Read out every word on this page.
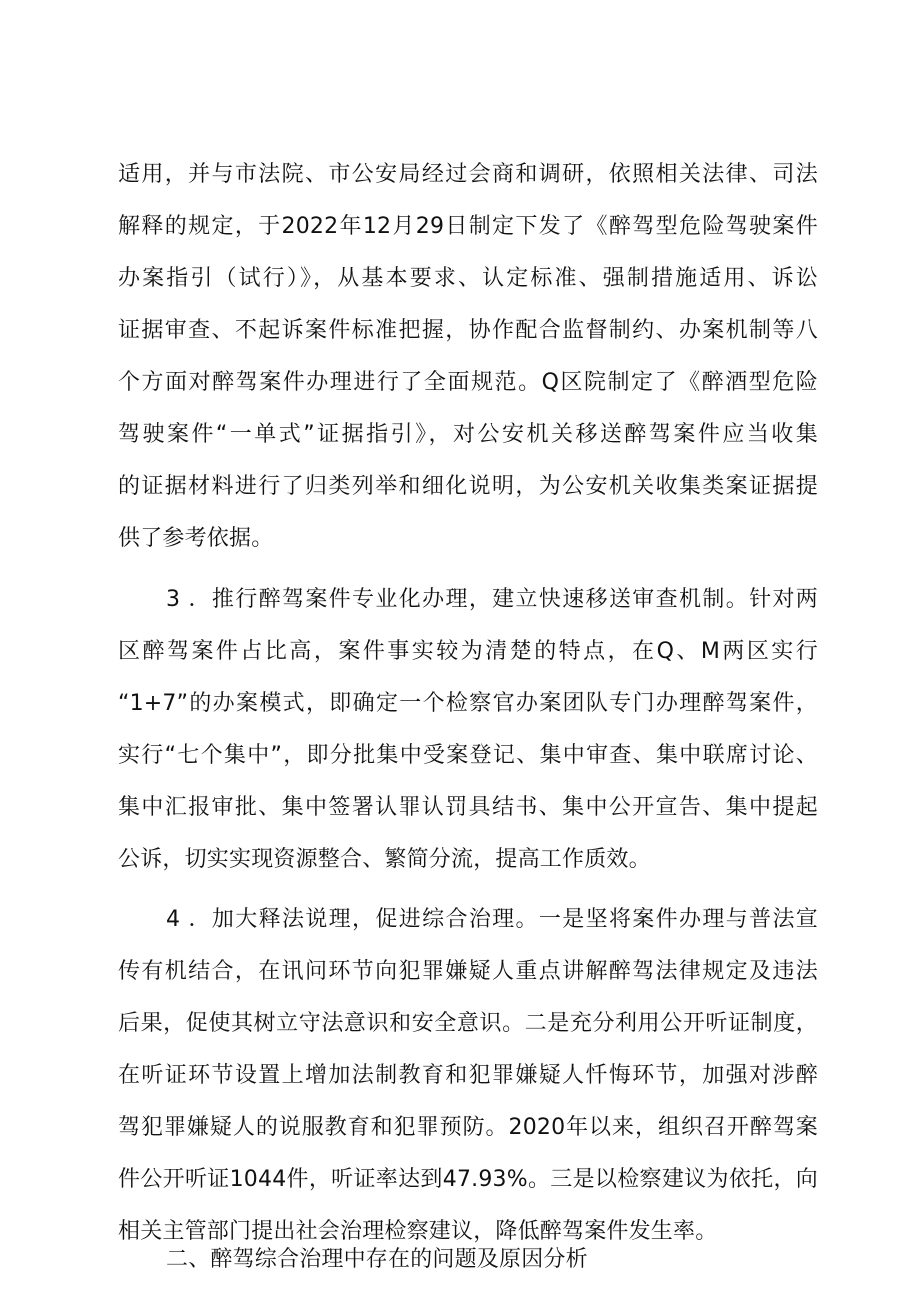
适用，并与市法院、市公安局经过会商和调研，依照相关法律、司法
解释的规定，于2022年12月29日制定下发了《醉驾型危险驾驶案件
办案指引（试行）》，从基本要求、认定标准、强制措施适用、诉讼
证据审查、不起诉案件标准把握，协作配合监督制约、办案机制等八
个方面对醉驾案件办理进行了全面规范。Q区院制定了《醉酒型危险
驾驶案件“一单式”证据指引》，对公安机关移送醉驾案件应当收集
的证据材料进行了归类列举和细化说明，为公安机关收集类案证据提
供了参考依据。
3 ．推行醉驾案件专业化办理，建立快速移送审查机制。针对两
区醉驾案件占比高，案件事实较为清楚的特点，在Q、M两区实行
“1+7”的办案模式，即确定一个检察官办案团队专门办理醉驾案件，
实行“七个集中”，即分批集中受案登记、集中审查、集中联席讨论、
集中汇报审批、集中签署认罪认罚具结书、集中公开宣告、集中提起
公诉，切实实现资源整合、繁简分流，提高工作质效。
4 ．加大释法说理，促进综合治理。一是坚将案件办理与普法宣
传有机结合，在讯问环节向犯罪嫌疑人重点讲解醉驾法律规定及违法
后果，促使其树立守法意识和安全意识。二是充分利用公开听证制度，
在听证环节设置上增加法制教育和犯罪嫌疑人忏悔环节，加强对涉醉
驾犯罪嫌疑人的说服教育和犯罪预防。2020年以来，组织召开醉驾案
件公开听证1044件，听证率达到47.93%。三是以检察建议为依托，向
相关主管部门提出社会治理检察建议，降低醉驾案件发生率。
二、醉驾综合治理中存在的问题及原因分析
